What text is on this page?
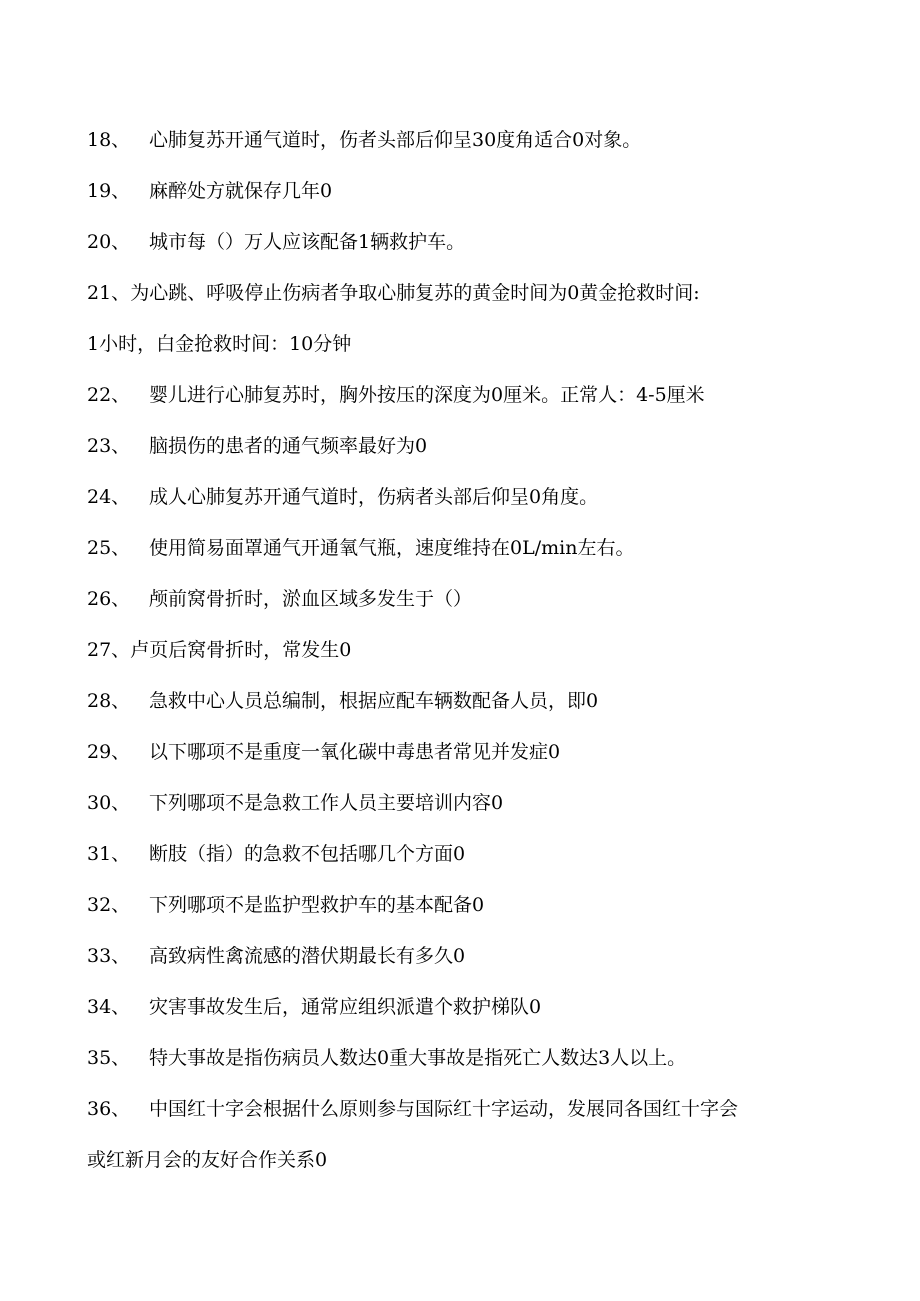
18、 心肺复苏开通气道时，伤者头部后仰呈30度角适合0对象。
19、 麻醉处方就保存几年0
20、 城市每（）万人应该配备1辆救护车。
21、为心跳、呼吸停止伤病者争取心肺复苏的黄金时间为0黄金抢救时间:
1小时，白金抢救时间：10分钟
22、 婴儿进行心肺复苏时，胸外按压的深度为0厘米。正常人：4-5厘米
23、 脑损伤的患者的通气频率最好为0
24、 成人心肺复苏开通气道时，伤病者头部后仰呈0角度。
25、 使用简易面罩通气开通氧气瓶，速度维持在0L/min左右。
26、 颅前窝骨折时，淤血区域多发生于（）
27、卢页后窝骨折时，常发生0
28、 急救中心人员总编制，根据应配车辆数配备人员，即0
29、 以下哪项不是重度一氧化碳中毒患者常见并发症0
30、 下列哪项不是急救工作人员主要培训内容0
31、 断肢（指）的急救不包括哪几个方面0
32、 下列哪项不是监护型救护车的基本配备0
33、 高致病性禽流感的潜伏期最长有多久0
34、 灾害事故发生后，通常应组织派遣个救护梯队0
35、 特大事故是指伤病员人数达0重大事故是指死亡人数达3人以上。
36、 中国红十字会根据什么原则参与国际红十字运动，发展同各国红十字会
或红新月会的友好合作关系0
